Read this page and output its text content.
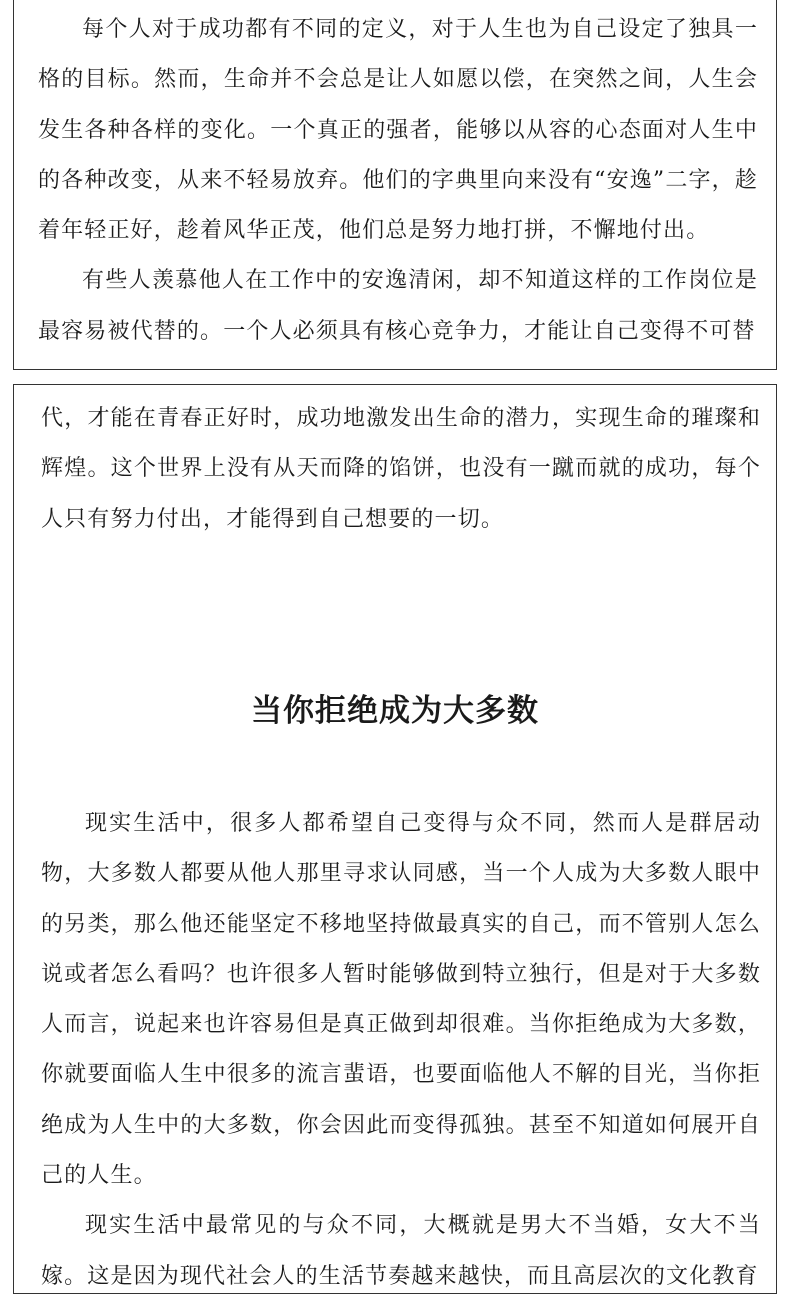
每个人对于成功都有不同的定义，对于人生也为自己设定了独具一格的目标。然而，生命并不会总是让人如愿以偿，在突然之间，人生会发生各种各样的变化。一个真正的强者，能够以从容的心态面对人生中的各种改变，从来不轻易放弃。他们的字典里向来没有“安逸”二字，趁着年轻正好，趁着风华正茂，他们总是努力地打拼，不懈地付出。

有些人羡慕他人在工作中的安逸清闲，却不知道这样的工作岗位是最容易被代替的。一个人必须具有核心竞争力，才能让自己变得不可替

代，才能在青春正好时，成功地激发出生命的潜力，实现生命的璀璨和辉煌。这个世界上没有从天而降的馅饼，也没有一蹴而就的成功，每个人只有努力付出，才能得到自己想要的一切。

当你拒绝成为大多数

现实生活中，很多人都希望自己变得与众不同，然而人是群居动物，大多数人都要从他人那里寻求认同感，当一个人成为大多数人眼中的另类，那么他还能坚定不移地坚持做最真实的自己，而不管别人怎么说或者怎么看吗？也许很多人暂时能够做到特立独行，但是对于大多数人而言，说起来也许容易但是真正做到却很难。当你拒绝成为大多数，你就要面临人生中很多的流言蜚语，也要面临他人不解的目光，当你拒绝成为人生中的大多数，你会因此而变得孤独。甚至不知道如何展开自己的人生。

现实生活中最常见的与众不同，大概就是男大不当婚，女大不当嫁。这是因为现代社会人的生活节奏越来越快，而且高层次的文化教育
